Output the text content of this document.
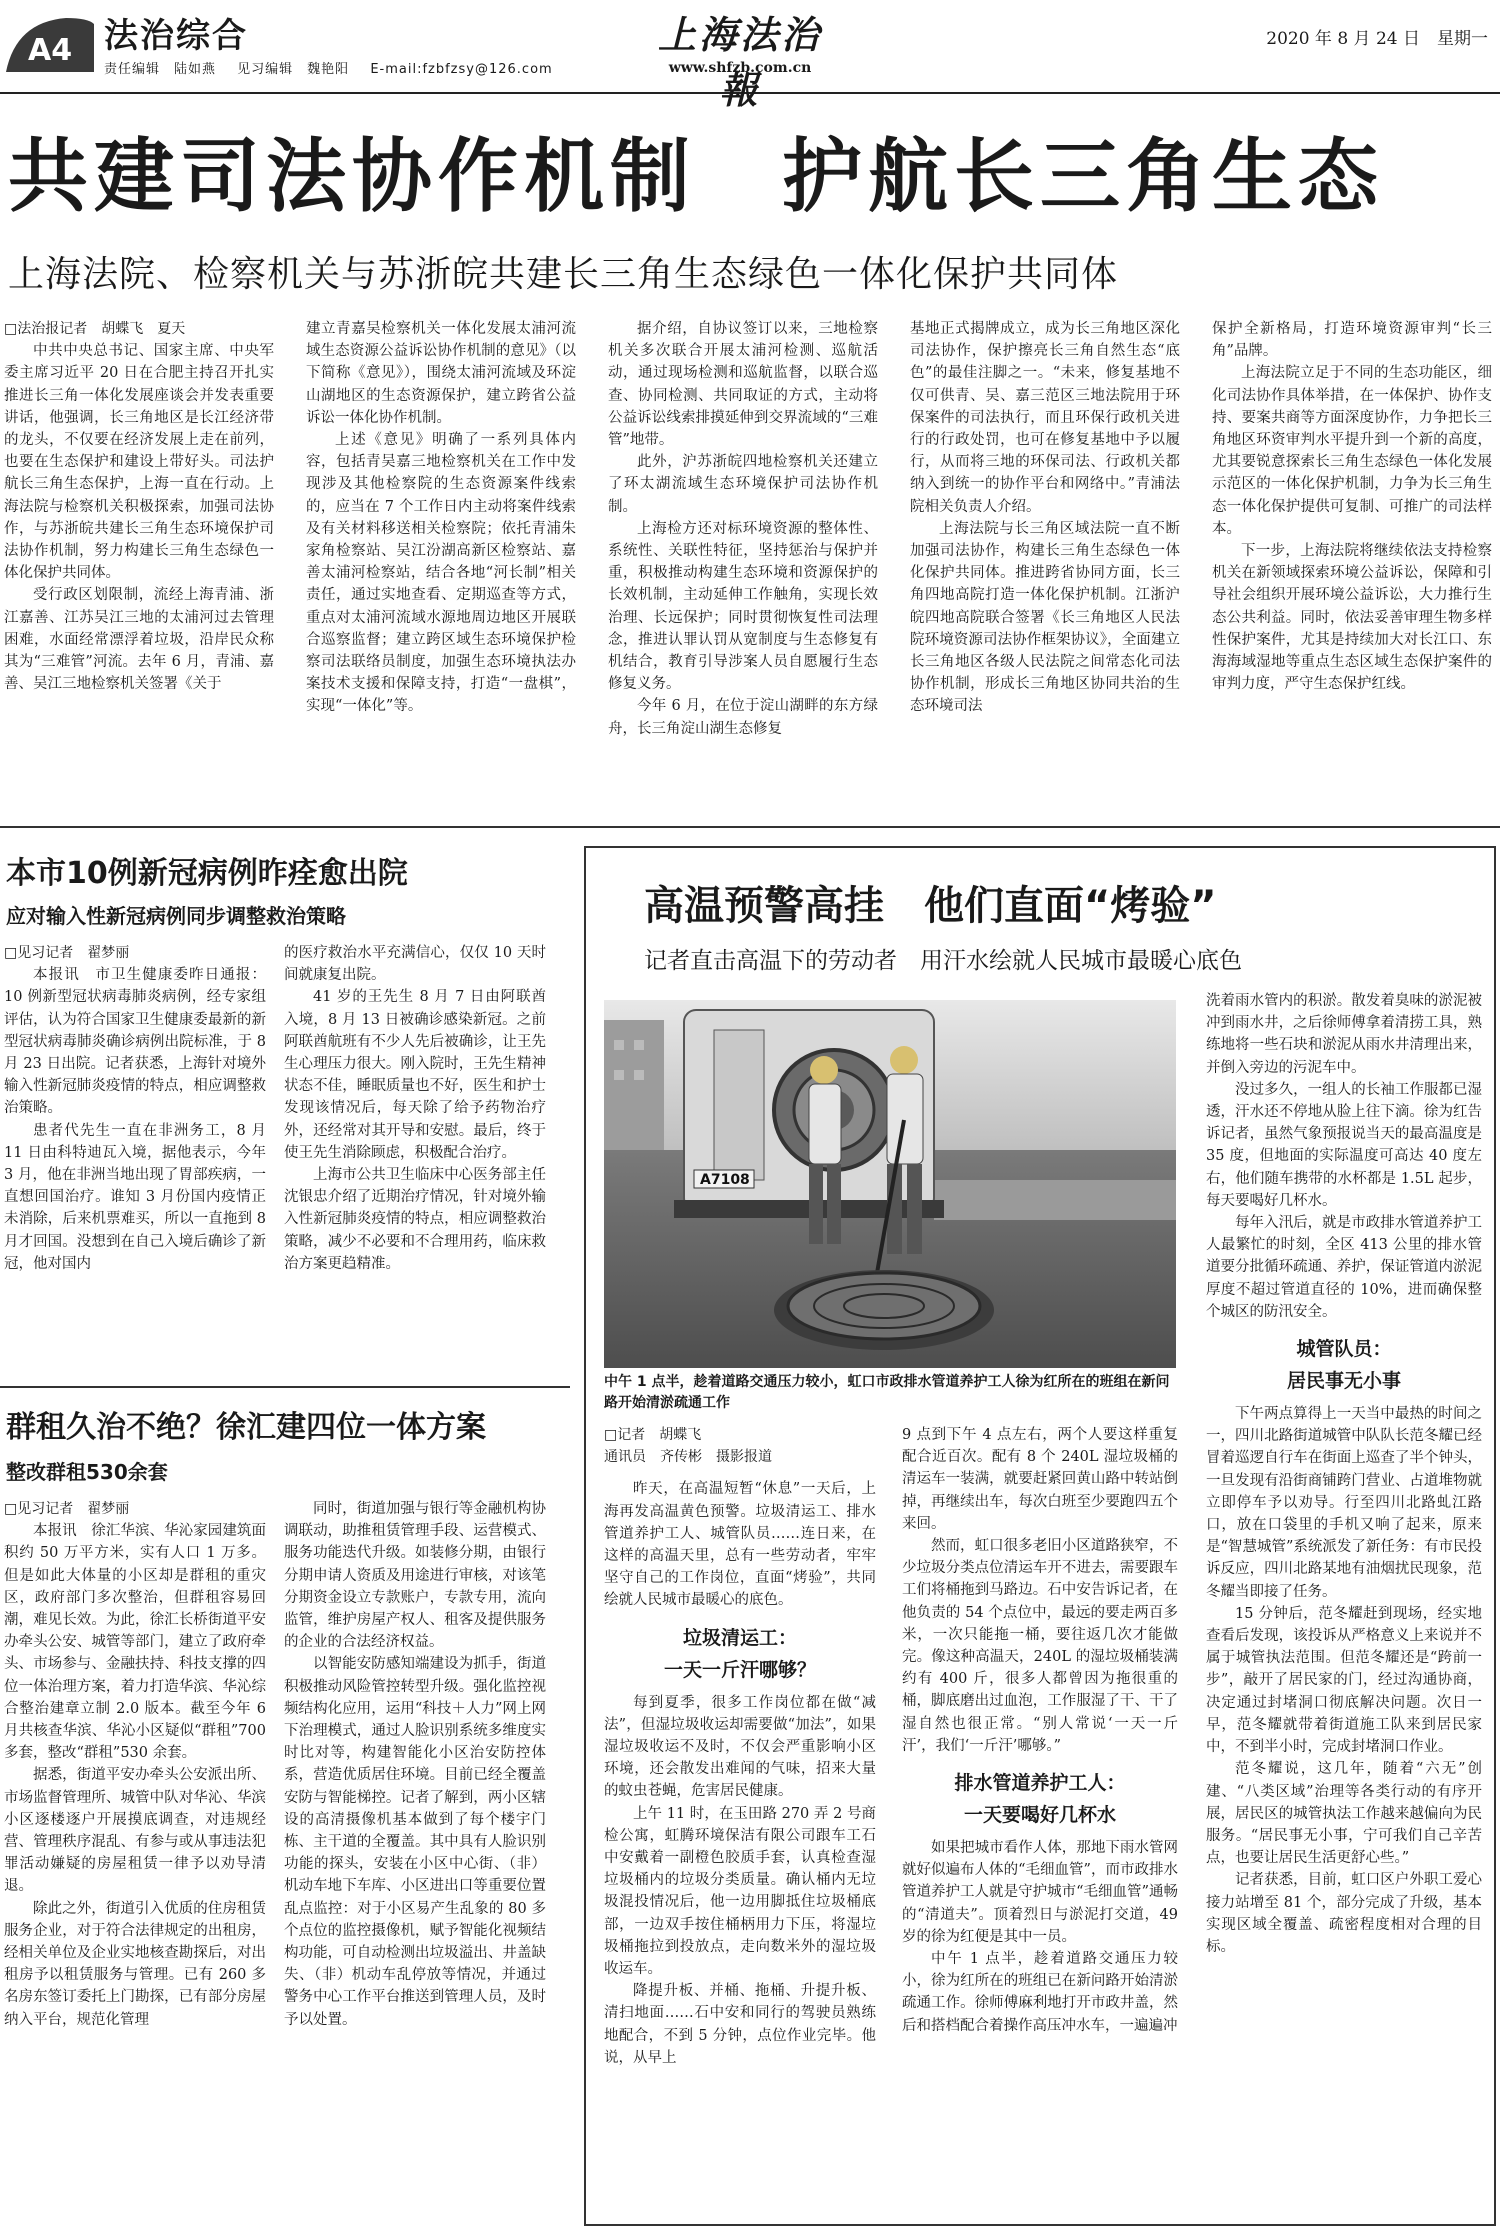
A4 法治综合
责任编辑　陆如燕 见习编辑　魏艳阳 E-mail:fzbfzsy@126.com
上海法治報
www.shfzb.com.cn
2020 年 8 月 24 日　星期一
共建司法协作机制　护航长三角生态
上海法院、检察机关与苏浙皖共建长三角生态绿色一体化保护共同体

□法治报记者　胡蝶飞　夏天

中共中央总书记、国家主席、中央军委主席习近平 20 日在合肥主持召开扎实推进长三角一体化发展座谈会并发表重要讲话，他强调，长三角地区是长江经济带的龙头，不仅要在经济发展上走在前列，也要在生态保护和建设上带好头。司法护航长三角生态保护，上海一直在行动。上海法院与检察机关积极探索，加强司法协作，与苏浙皖共建长三角生态环境保护司法协作机制，努力构建长三角生态绿色一体化保护共同体。

受行政区划限制，流经上海青浦、浙江嘉善、江苏吴江三地的太浦河过去管理困难，水面经常漂浮着垃圾，沿岸民众称其为“三难管”河流。去年 6 月，青浦、嘉善、吴江三地检察机关签署《关于

建立青嘉吴检察机关一体化发展太浦河流域生态资源公益诉讼协作机制的意见》（以下简称《意见》），围绕太浦河流域及环淀山湖地区的生态资源保护，建立跨省公益诉讼一体化协作机制。

上述《意见》明确了一系列具体内容，包括青吴嘉三地检察机关在工作中发现涉及其他检察院的生态资源案件线索的，应当在 7 个工作日内主动将案件线索及有关材料移送相关检察院；依托青浦朱家角检察站、吴江汾湖高新区检察站、嘉善太浦河检察站，结合各地“河长制”相关责任，通过实地查看、定期巡查等方式，重点对太浦河流域水源地周边地区开展联合巡察监督；建立跨区域生态环境保护检察司法联络员制度，加强生态环境执法办案技术支援和保障支持，打造“一盘棋”，实现“一体化”等。

据介绍，自协议签订以来，三地检察机关多次联合开展太浦河检测、巡航活动，通过现场检测和巡航监督，以联合巡查、协同检测、共同取证的方式，主动将公益诉讼线索排摸延伸到交界流域的“三难管”地带。

此外，沪苏浙皖四地检察机关还建立了环太湖流域生态环境保护司法协作机制。

上海检方还对标环境资源的整体性、系统性、关联性特征，坚持惩治与保护并重，积极推动构建生态环境和资源保护的长效机制，主动延伸工作触角，实现长效治理、长远保护；同时贯彻恢复性司法理念，推进认罪认罚从宽制度与生态修复有机结合，教育引导涉案人员自愿履行生态修复义务。

今年 6 月，在位于淀山湖畔的东方绿舟，长三角淀山湖生态修复

基地正式揭牌成立，成为长三角地区深化司法协作，保护擦亮长三角自然生态“底色”的最佳注脚之一。“未来，修复基地不仅可供青、吴、嘉三范区三地法院用于环保案件的司法执行，而且环保行政机关进行的行政处罚，也可在修复基地中予以履行，从而将三地的环保司法、行政机关都纳入到统一的协作平台和网络中。”青浦法院相关负责人介绍。

上海法院与长三角区域法院一直不断加强司法协作，构建长三角生态绿色一体化保护共同体。推进跨省协同方面，长三角四地高院打造一体化保护机制。江浙沪皖四地高院联合签署《长三角地区人民法院环境资源司法协作框架协议》，全面建立长三角地区各级人民法院之间常态化司法协作机制，形成长三角地区协同共治的生态环境司法

保护全新格局，打造环境资源审判“长三角”品牌。

上海法院立足于不同的生态功能区，细化司法协作具体举措，在一体保护、协作支持、要案共商等方面深度协作，力争把长三角地区环资审判水平提升到一个新的高度，尤其要锐意探索长三角生态绿色一体化发展示范区的一体化保护机制，力争为长三角生态一体化保护提供可复制、可推广的司法样本。

下一步，上海法院将继续依法支持检察机关在新领域探索环境公益诉讼，保障和引导社会组织开展环境公益诉讼，大力推行生态公共利益。同时，依法妥善审理生物多样性保护案件，尤其是持续加大对长江口、东海海域湿地等重点生态区域生态保护案件的审判力度，严守生态保护红线。

本市10例新冠病例昨痊愈出院
应对输入性新冠病例同步调整救治策略

□见习记者　翟梦丽

本报讯　市卫生健康委昨日通报：10 例新型冠状病毒肺炎病例，经专家组评估，认为符合国家卫生健康委最新的新型冠状病毒肺炎确诊病例出院标准，于 8 月 23 日出院。记者获悉，上海针对境外输入性新冠肺炎疫情的特点，相应调整救治策略。

患者代先生一直在非洲务工，8 月 11 日由科特迪瓦入境，据他表示，今年 3 月，他在非洲当地出现了胃部疾病，一直想回国治疗。谁知 3 月份国内疫情正未消除，后来机票难买，所以一直拖到 8 月才回国。没想到在自己入境后确诊了新冠，他对国内

的医疗救治水平充满信心，仅仅 10 天时间就康复出院。

41 岁的王先生 8 月 7 日由阿联酋入境，8 月 13 日被确诊感染新冠。之前阿联酋航班有不少人先后被确诊，让王先生心理压力很大。刚入院时，王先生精神状态不佳，睡眠质量也不好，医生和护士发现该情况后，每天除了给予药物治疗外，还经常对其开导和安慰。最后，终于使王先生消除顾虑，积极配合治疗。

上海市公共卫生临床中心医务部主任沈银忠介绍了近期治疗情况，针对境外输入性新冠肺炎疫情的特点，相应调整救治策略，减少不必要和不合理用药，临床救治方案更趋精准。

群租久治不绝？徐汇建四位一体方案
整改群租530余套

□见习记者　翟梦丽

本报讯　徐汇华滨、华沁家园建筑面积约 50 万平方米，实有人口 1 万多。但是如此大体量的小区却是群租的重灾区，政府部门多次整治，但群租容易回潮，难见长效。为此，徐汇长桥街道平安办牵头公安、城管等部门，建立了政府牵头、市场参与、金融扶持、科技支撑的四位一体治理方案，着力打造华滨、华沁综合整治建章立制 2.0 版本。截至今年 6 月共核查华滨、华沁小区疑似“群租”700 多套，整改“群租”530 余套。

据悉，街道平安办牵头公安派出所、市场监督管理所、城管中队对华沁、华滨小区逐楼逐户开展摸底调查，对违规经营、管理秩序混乱、有参与或从事违法犯罪活动嫌疑的房屋租赁一律予以劝导清退。

除此之外，街道引入优质的住房租赁服务企业，对于符合法律规定的出租房，经相关单位及企业实地核查勘探后，对出租房予以租赁服务与管理。已有 260 多名房东签订委托上门勘探，已有部分房屋纳入平台，规范化管理

同时，街道加强与银行等金融机构协调联动，助推租赁管理手段、运营模式、服务功能迭代升级。如装修分期，由银行分期申请人资质及用途进行审核，对该笔分期资金设立专款账户，专款专用，流向监管，维护房屋产权人、租客及提供服务的企业的合法经济权益。

以智能安防感知端建设为抓手，街道积极推动风险管控转型升级。强化监控视频结构化应用，运用“科技＋人力”网上网下治理模式，通过人脸识别系统多维度实时比对等，构建智能化小区治安防控体系，营造优质居住环境。目前已经全覆盖安防与智能梯控。记者了解到，两小区辖设的高清摄像机基本做到了每个楼宇门栋、主干道的全覆盖。其中具有人脸识别功能的探头，安装在小区中心街、（非）机动车地下车库、小区进出口等重要位置乱点监控：对于小区易产生乱象的 80 多个点位的监控摄像机，赋予智能化视频结构功能，可自动检测出垃圾溢出、井盖缺失、（非）机动车乱停放等情况，并通过警务中心工作平台推送到管理人员，及时予以处置。

高温预警高挂　他们直面“烤验”
记者直击高温下的劳动者　用汗水绘就人民城市最暖心底色
A7108
中午 1 点半，趁着道路交通压力较小，虹口市政排水管道养护工人徐为红所在的班组在新问路开始清淤疏通工作

□记者　胡蝶飞

通讯员　齐传彬　摄影报道

昨天，在高温短暂“休息”一天后，上海再发高温黄色预警。垃圾清运工、排水管道养护工人、城管队员……连日来，在这样的高温天里，总有一些劳动者，牢牢坚守自己的工作岗位，直面“烤验”，共同绘就人民城市最暖心的底色。

垃圾清运工：
一天一斤汗哪够？

每到夏季，很多工作岗位都在做“减法”，但湿垃圾收运却需要做“加法”，如果湿垃圾收运不及时，不仅会严重影响小区环境，还会散发出难闻的气味，招来大量的蚊虫苍蝇，危害居民健康。

上午 11 时，在玉田路 270 弄 2 号商检公寓，虹腾环境保洁有限公司跟车工石中安戴着一副橙色胶质手套，认真检查湿垃圾桶内的垃圾分类质量。确认桶内无垃圾混投情况后，他一边用脚抵住垃圾桶底部，一边双手按住桶柄用力下压，将湿垃圾桶拖拉到投放点，走向数米外的湿垃圾收运车。

降提升板、并桶、拖桶、升提升板、清扫地面……石中安和同行的驾驶员熟练地配合，不到 5 分钟，点位作业完毕。他说，从早上

9 点到下午 4 点左右，两个人要这样重复配合近百次。配有 8 个 240L 湿垃圾桶的清运车一装满，就要赶紧回黄山路中转站倒掉，再继续出车，每次白班至少要跑四五个来回。

然而，虹口很多老旧小区道路狭窄，不少垃圾分类点位清运车开不进去，需要跟车工们将桶拖到马路边。石中安告诉记者，在他负责的 54 个点位中，最远的要走两百多米，一次只能拖一桶，要往返几次才能做完。像这种高温天，240L 的湿垃圾桶装满约有 400 斤，很多人都曾因为拖很重的桶，脚底磨出过血泡，工作服湿了干、干了湿自然也很正常。“别人常说‘一天一斤汗’，我们‘一斤汗’哪够。”

排水管道养护工人：
一天要喝好几杯水

如果把城市看作人体，那地下雨水管网就好似遍布人体的“毛细血管”，而市政排水管道养护工人就是守护城市“毛细血管”通畅的“清道夫”。顶着烈日与淤泥打交道，49 岁的徐为红便是其中一员。

中午 1 点半，趁着道路交通压力较小，徐为红所在的班组已在新问路开始清淤疏通工作。徐师傅麻利地打开市政井盖，然后和搭档配合着操作高压冲水车，一遍遍冲

洗着雨水管内的积淤。散发着臭味的淤泥被冲到雨水井，之后徐师傅拿着清捞工具，熟练地将一些石块和淤泥从雨水井清理出来，并倒入旁边的污泥车中。

没过多久，一组人的长袖工作服都已湿透，汗水还不停地从脸上往下滴。徐为红告诉记者，虽然气象预报说当天的最高温度是 35 度，但地面的实际温度可高达 40 度左右，他们随车携带的水杯都是 1.5L 起步，每天要喝好几杯水。

每年入汛后，就是市政排水管道养护工人最繁忙的时刻，全区 413 公里的排水管道要分批循环疏通、养护，保证管道内淤泥厚度不超过管道直径的 10%，进而确保整个城区的防汛安全。

城管队员：
居民事无小事

下午两点算得上一天当中最热的时间之一，四川北路街道城管中队队长范冬耀已经冒着巡逻自行车在街面上巡查了半个钟头，一旦发现有沿街商铺跨门营业、占道堆物就立即停车予以劝导。行至四川北路虬江路口，放在口袋里的手机又响了起来，原来是“智慧城管”系统派发了新任务：有市民投诉反应，四川北路某地有油烟扰民现象，范冬耀当即接了任务。

15 分钟后，范冬耀赶到现场，经实地查看后发现，该投诉从严格意义上来说并不属于城管执法范围。但范冬耀还是“跨前一步”，敲开了居民家的门，经过沟通协商，决定通过封堵洞口彻底解决问题。次日一早，范冬耀就带着街道施工队来到居民家中，不到半小时，完成封堵洞口作业。

范冬耀说，这几年，随着“六无”创建、“八类区域”治理等各类行动的有序开展，居民区的城管执法工作越来越偏向为民服务。“居民事无小事，宁可我们自己辛苦点，也要让居民生活更舒心些。”

记者获悉，目前，虹口区户外职工爱心接力站增至 81 个，部分完成了升级，基本实现区域全覆盖、疏密程度相对合理的目标。
